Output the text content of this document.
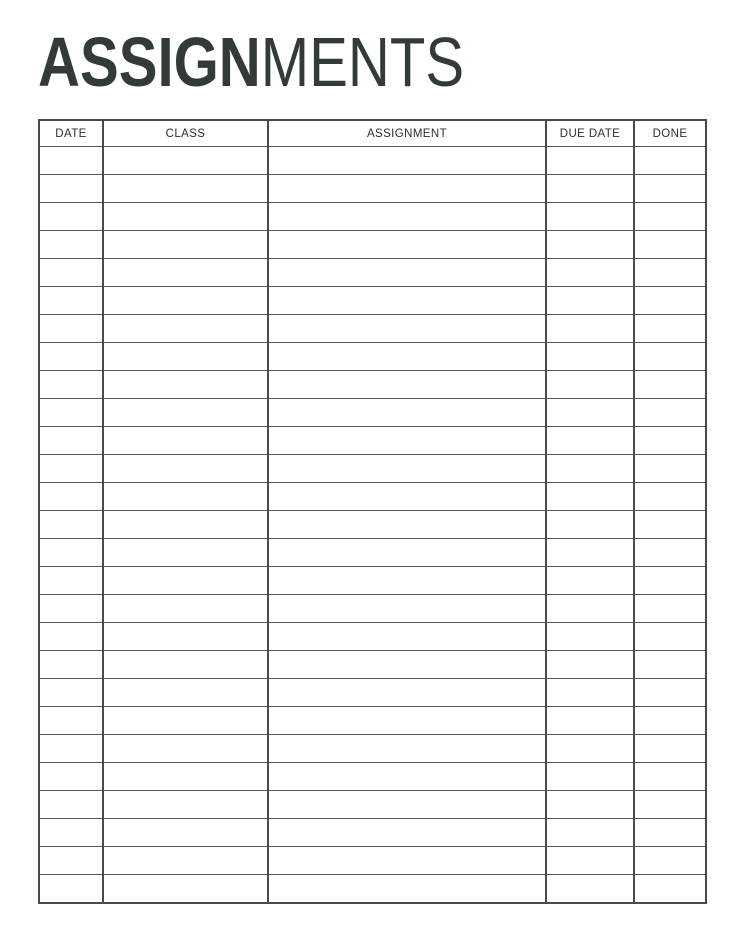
ASSIGNMENTS
DATE	CLASS	ASSIGNMENT	DUE DATE	DONE
